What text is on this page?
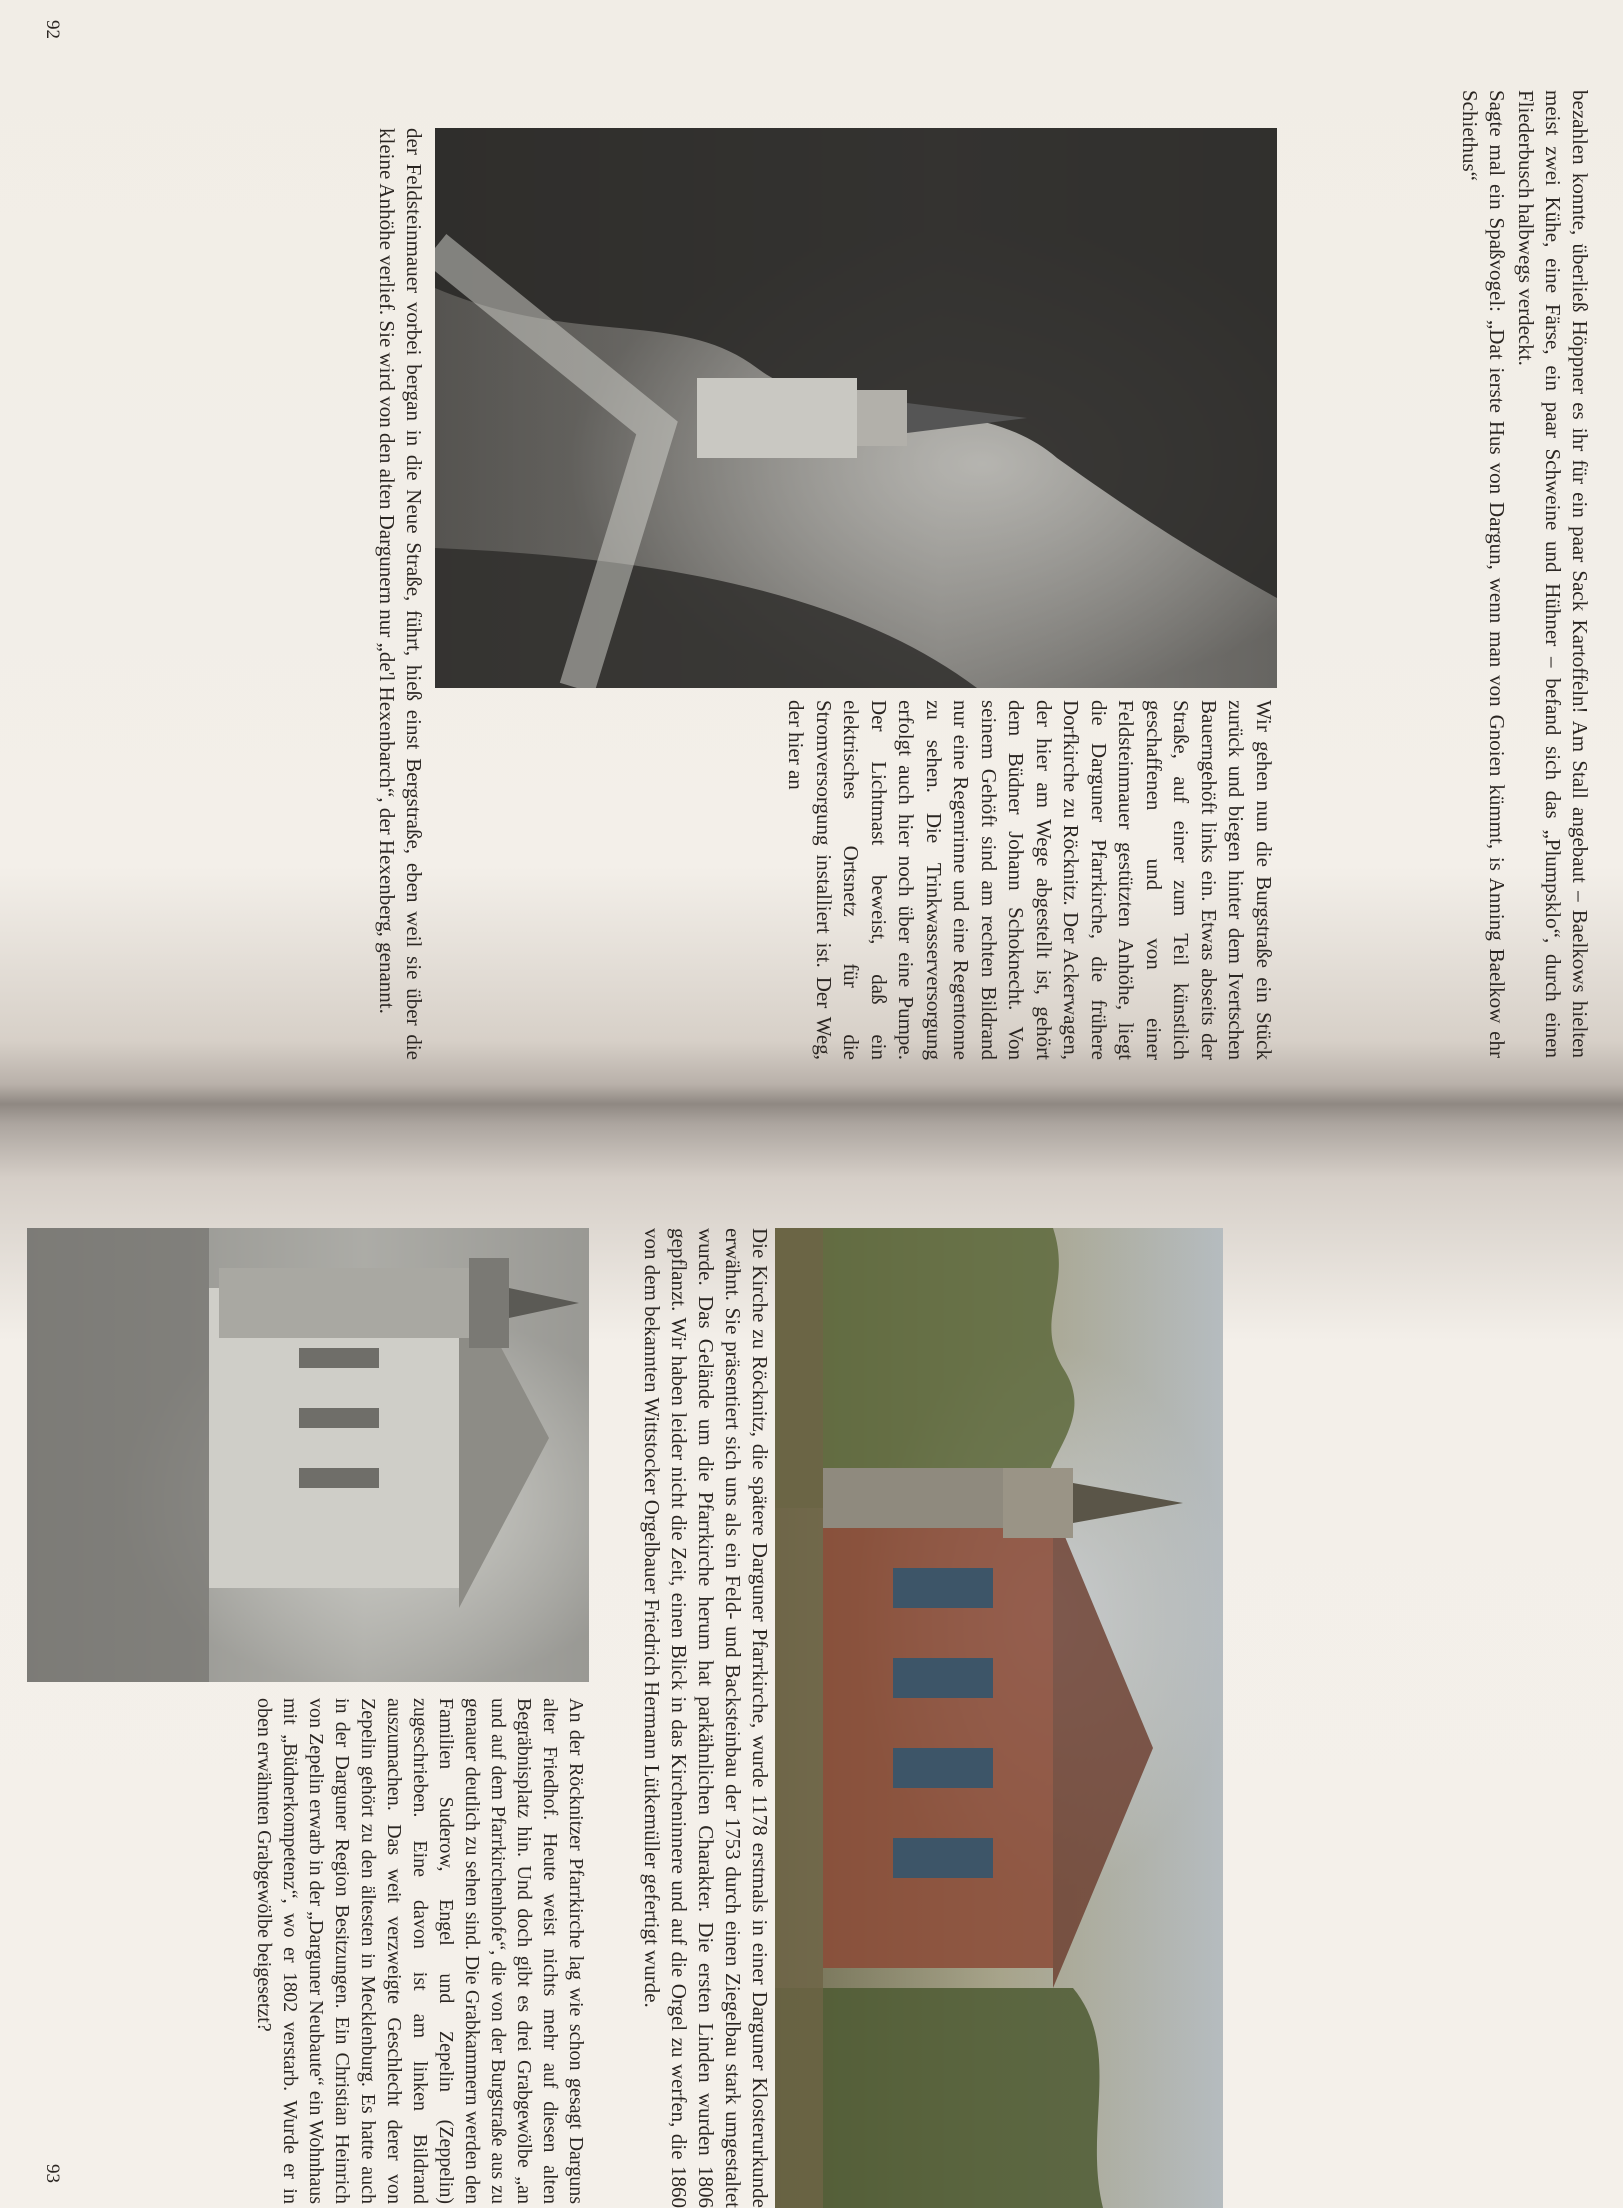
92

bezahlen konnte, überließ Höppner es ihr für ein paar Sack Kartoffeln! Am Stall angebaut – Baelkows hielten meist zwei Kühe, eine Färse, ein paar Schweine und Hühner – befand sich das „Plumpsklo“, durch einen Fliederbusch halbwegs verdeckt.

Sagte mal ein Spaßvogel: „Dat ierste Hus von Dargun, wenn man von Gnoien kümmt, is Anning Baelkow ehr Schiethus“

Wir gehen nun die Burgstraße ein Stück zurück und biegen hinter dem Ivertschen Bauerngehöft links ein. Etwas abseits der Straße, auf einer zum Teil künstlich geschaffenen und von einer Feldsteinmauer gestützten Anhöhe, liegt die Darguner Pfarrkirche, die frühere Dorfkirche zu Röcknitz. Der Ackerwagen, der hier am Wege abgestellt ist, gehört dem Büdner Johann Schoknecht. Von seinem Gehöft sind am rechten Bildrand nur eine Regenrinne und eine Regentonne zu sehen. Die Trinkwasserversorgung erfolgt auch hier noch über eine Pumpe. Der Lichtmast beweist, daß ein elektrisches Ortsnetz für die Stromversorgung installiert ist. Der Weg, der hier an

der Feldsteinmauer vorbei bergan in die Neue Straße, führt, hieß einst Bergstraße, eben weil sie über die kleine Anhöhe verlief. Sie wird von den alten Dargunern nur „de'l Hexenbarch“, der Hexenberg, genannt.

Die Kirche zu Röcknitz, die spätere Darguner Pfarrkirche, wurde 1178 erstmals in einer Darguner Klosterurkunde erwähnt. Sie präsentiert sich uns als ein Feld- und Backsteinbau der 1753 durch einen Ziegelbau stark umgestaltet wurde. Das Gelände um die Pfarrkirche herum hat parkähnlichen Charakter. Die ersten Linden wurden 1806 gepflanzt. Wir haben leider nicht die Zeit, einen Blick in das Kircheninnere und auf die Orgel zu werfen, die 1860 von dem bekannten Wittstocker Orgelbauer Friedrich Hermann Lütkemüller gefertigt wurde.

An der Röcknitzer Pfarrkirche lag wie schon gesagt Darguns alter Friedhof. Heute weist nichts mehr auf diesen alten Begräbnisplatz hin. Und doch gibt es drei Grabgewölbe „an und auf dem Pfarrkirchenhofe“, die von der Burgstraße aus zu genauer deutlich zu sehen sind. Die Grabkammern werden den Familien Suderow, Engel und Zepelin (Zeppelin) zugeschrieben. Eine davon ist am linken Bildrand auszumachen. Das weit verzweigte Geschlecht derer von Zepelin gehört zu den ältesten in Mecklenburg. Es hatte auch in der Darguner Region Besitzungen. Ein Christian Heinrich von Zepelin erwarb in der „Darguner Neubaute“ ein Wohnhaus mit „Büdnerkompetenz“, wo er 1802 verstarb. Wurde er in oben erwähnten Grabgewölbe beigesetzt?

93
